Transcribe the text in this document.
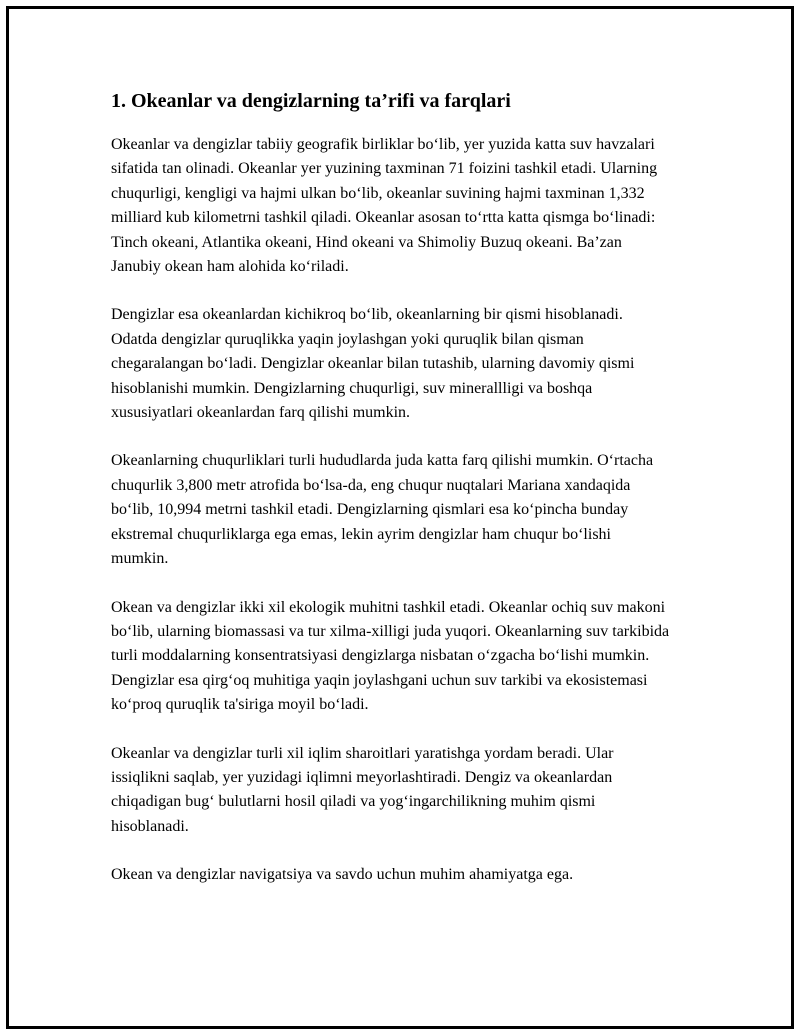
1. Okeanlar va dengizlarning ta’rifi va farqlari

Okeanlar va dengizlar tabiiy geografik birliklar bo‘lib, yer yuzida katta suv havzalari sifatida tan olinadi. Okeanlar yer yuzining taxminan 71 foizini tashkil etadi. Ularning chuqurligi, kengligi va hajmi ulkan bo‘lib, okeanlar suvining hajmi taxminan 1,332 milliard kub kilometrni tashkil qiladi. Okeanlar asosan to‘rtta katta qismga bo‘linadi: Tinch okeani, Atlantika okeani, Hind okeani va Shimoliy Buzuq okeani. Ba’zan Janubiy okean ham alohida ko‘riladi.

Dengizlar esa okeanlardan kichikroq bo‘lib, okeanlarning bir qismi hisoblanadi. Odatda dengizlar quruqlikka yaqin joylashgan yoki quruqlik bilan qisman chegaralangan bo‘ladi. Dengizlar okeanlar bilan tutashib, ularning davomiy qismi hisoblanishi mumkin. Dengizlarning chuqurligi, suv minerallligi va boshqa xususiyatlari okeanlardan farq qilishi mumkin.

Okeanlarning chuqurliklari turli hududlarda juda katta farq qilishi mumkin. O‘rtacha chuqurlik 3,800 metr atrofida bo‘lsa-da, eng chuqur nuqtalari Mariana xandaqida bo‘lib, 10,994 metrni tashkil etadi. Dengizlarning qismlari esa ko‘pincha bunday ekstremal chuqurliklarga ega emas, lekin ayrim dengizlar ham chuqur bo‘lishi mumkin.

Okean va dengizlar ikki xil ekologik muhitni tashkil etadi. Okeanlar ochiq suv makoni bo‘lib, ularning biomassasi va tur xilma-xilligi juda yuqori. Okeanlarning suv tarkibida turli moddalarning konsentratsiyasi dengizlarga nisbatan o‘zgacha bo‘lishi mumkin. Dengizlar esa qirg‘oq muhitiga yaqin joylashgani uchun suv tarkibi va ekosistemasi ko‘proq quruqlik ta'siriga moyil bo‘ladi.

Okeanlar va dengizlar turli xil iqlim sharoitlari yaratishga yordam beradi. Ular issiqlikni saqlab, yer yuzidagi iqlimni meyorlashtiradi. Dengiz va okeanlardan chiqadigan bug‘ bulutlarni hosil qiladi va yog‘ingarchilikning muhim qismi hisoblanadi.

Okean va dengizlar navigatsiya va savdo uchun muhim ahamiyatga ega.
